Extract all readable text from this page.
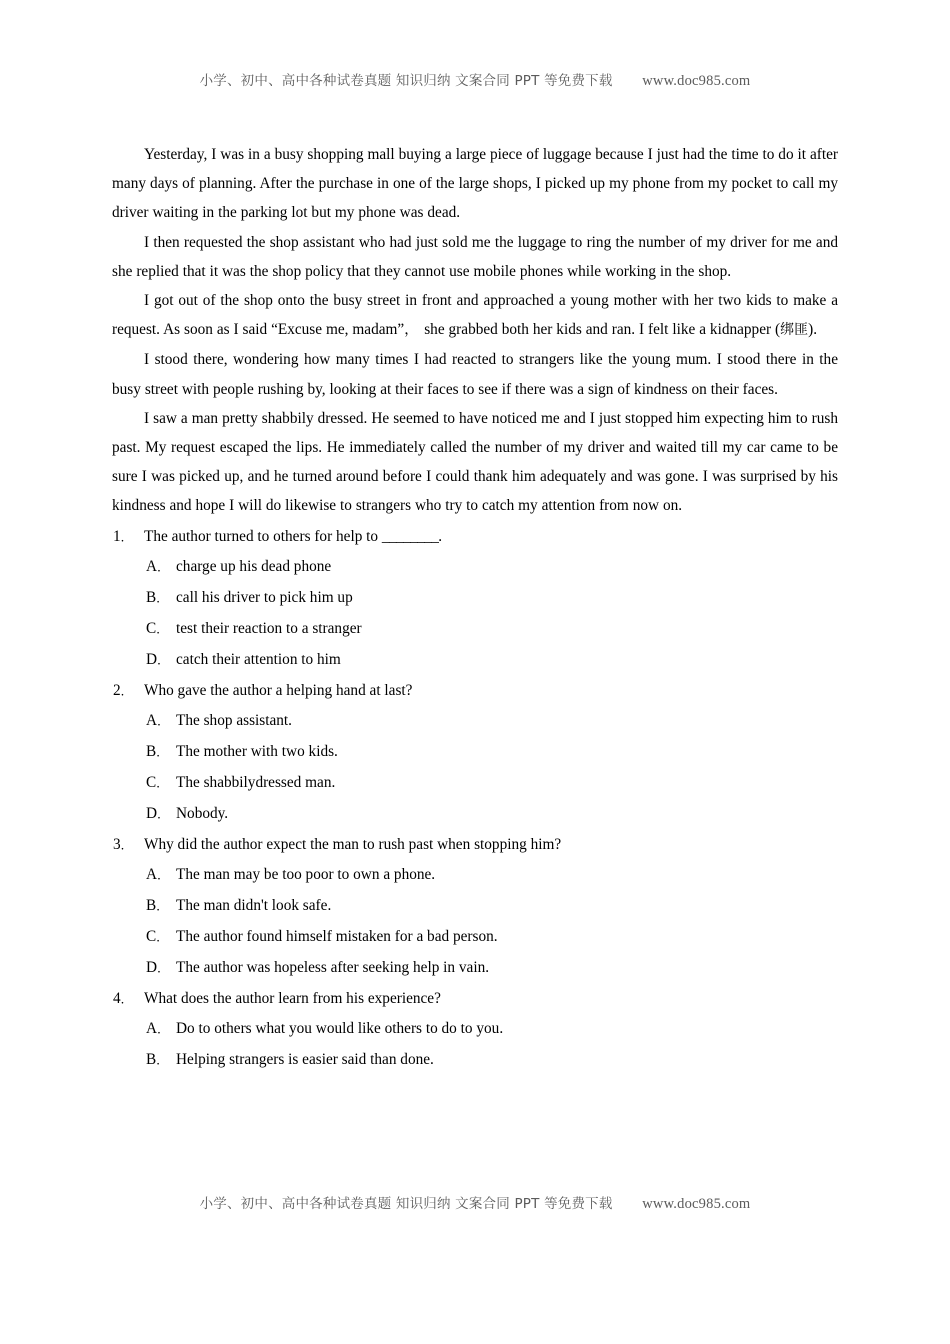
小学、初中、高中各种试卷真题 知识归纳 文案合同 PPT 等免费下载 www.doc985.com

Yesterday, I was in a busy shopping mall buying a large piece of luggage because I just had the time to do it after many days of planning. After the purchase in one of the large shops, I picked up my phone from my pocket to call my driver waiting in the parking lot but my phone was dead.

I then requested the shop assistant who had just sold me the luggage to ring the number of my driver for me and she replied that it was the shop policy that they cannot use mobile phones while working in the shop.

I got out of the shop onto the busy street in front and approached a young mother with her two kids to make a request. As soon as I said “Excuse me, madam”，she grabbed both her kids and ran. I felt like a kidnapper (绑匪).

I stood there, wondering how many times I had reacted to strangers like the young mum. I stood there in the busy street with people rushing by, looking at their faces to see if there was a sign of kindness on their faces.

I saw a man pretty shabbily dressed. He seemed to have noticed me and I just stopped him expecting him to rush past. My request escaped the lips. He immediately called the number of my driver and waited till my car came to be sure I was picked up, and he turned around before I could thank him adequately and was gone. I was surprised by his kindness and hope I will do likewise to strangers who try to catch my attention from now on.

1． The author turned to others for help to ________.

A． charge up his dead phone

B． call his driver to pick him up

C． test their reaction to a stranger

D． catch their attention to him

2． Who gave the author a helping hand at last?

A． The shop assistant.

B． The mother with two kids.

C． The shabbilydressed man.

D． Nobody.

3． Why did the author expect the man to rush past when stopping him?

A． The man may be too poor to own a phone.

B． The man didn't look safe.

C． The author found himself mistaken for a bad person.

D． The author was hopeless after seeking help in vain.

4． What does the author learn from his experience?

A． Do to others what you would like others to do to you.

B． Helping strangers is easier said than done.

小学、初中、高中各种试卷真题 知识归纳 文案合同 PPT 等免费下载 www.doc985.com
